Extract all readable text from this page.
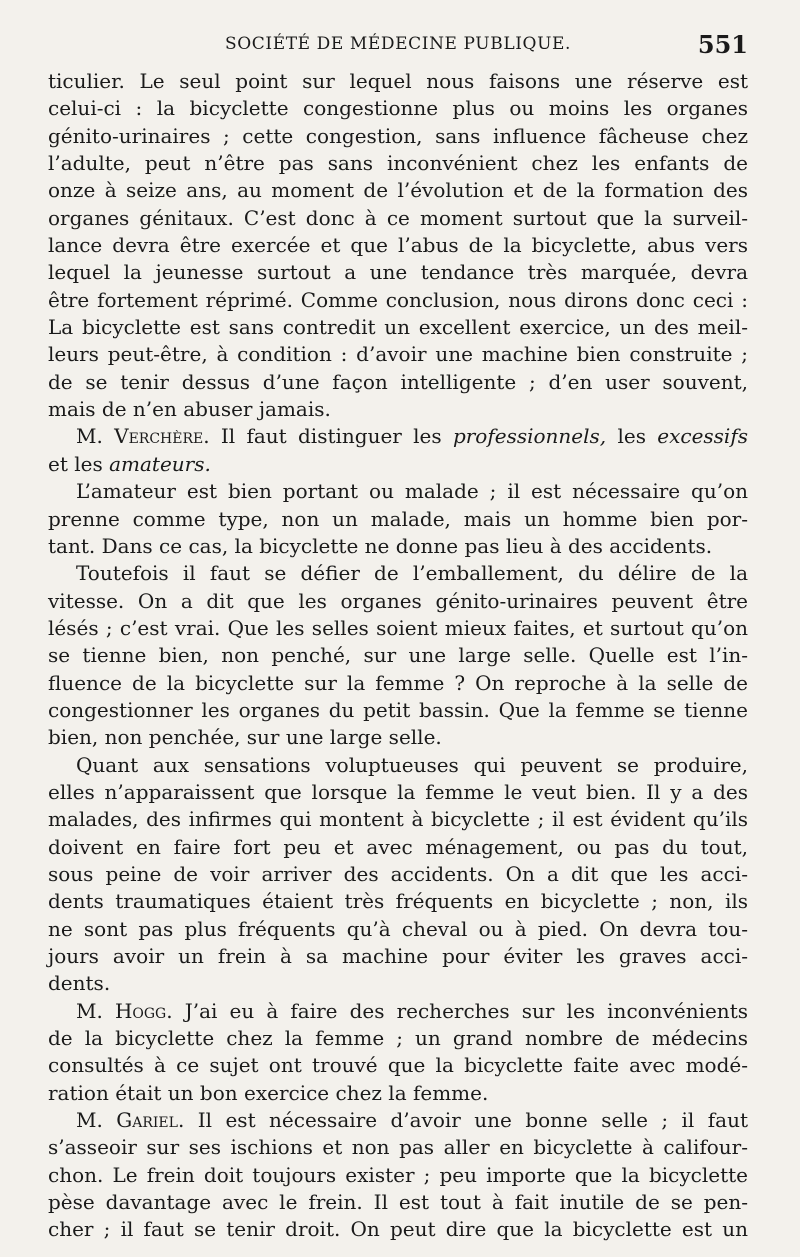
SOCIÉTÉ DE MÉDECINE PUBLIQUE.	551
ticulier. Le seul point sur lequel nous faisons une réserve est
celui-ci : la bicyclette congestionne plus ou moins les organes
génito-urinaires ; cette congestion, sans influence fâcheuse chez
l’adulte, peut n’être pas sans inconvénient chez les enfants de
onze à seize ans, au moment de l’évolution et de la formation des
organes génitaux. C’est donc à ce moment surtout que la surveil-
lance devra être exercée et que l’abus de la bicyclette, abus vers
lequel la jeunesse surtout a une tendance très marquée, devra
être fortement réprimé. Comme conclusion, nous dirons donc ceci :
La bicyclette est sans contredit un excellent exercice, un des meil-
leurs peut-être, à condition : d’avoir une machine bien construite ;
de se tenir dessus d’une façon intelligente ; d’en user souvent,
mais de n’en abuser jamais.
M. Verchère. Il faut distinguer les professionnels, les excessifs
et les amateurs.
L’amateur est bien portant ou malade ; il est nécessaire qu’on
prenne comme type, non un malade, mais un homme bien por-
tant. Dans ce cas, la bicyclette ne donne pas lieu à des accidents.
Toutefois il faut se défier de l’emballement, du délire de la
vitesse. On a dit que les organes génito-urinaires peuvent être
lésés ; c’est vrai. Que les selles soient mieux faites, et surtout qu’on
se tienne bien, non penché, sur une large selle. Quelle est l’in-
fluence de la bicyclette sur la femme ? On reproche à la selle de
congestionner les organes du petit bassin. Que la femme se tienne
bien, non penchée, sur une large selle.
Quant aux sensations voluptueuses qui peuvent se produire,
elles n’apparaissent que lorsque la femme le veut bien. Il y a des
malades, des infirmes qui montent à bicyclette ; il est évident qu’ils
doivent en faire fort peu et avec ménagement, ou pas du tout,
sous peine de voir arriver des accidents. On a dit que les acci-
dents traumatiques étaient très fréquents en bicyclette ; non, ils
ne sont pas plus fréquents qu’à cheval ou à pied. On devra tou-
jours avoir un frein à sa machine pour éviter les graves acci-
dents.
M. Hogg. J’ai eu à faire des recherches sur les inconvénients
de la bicyclette chez la femme ; un grand nombre de médecins
consultés à ce sujet ont trouvé que la bicyclette faite avec modé-
ration était un bon exercice chez la femme.
M. Gariel. Il est nécessaire d’avoir une bonne selle ; il faut
s’asseoir sur ses ischions et non pas aller en bicyclette à califour-
chon. Le frein doit toujours exister ; peu importe que la bicyclette
pèse davantage avec le frein. Il est tout à fait inutile de se pen-
cher ; il faut se tenir droit. On peut dire que la bicyclette est un
